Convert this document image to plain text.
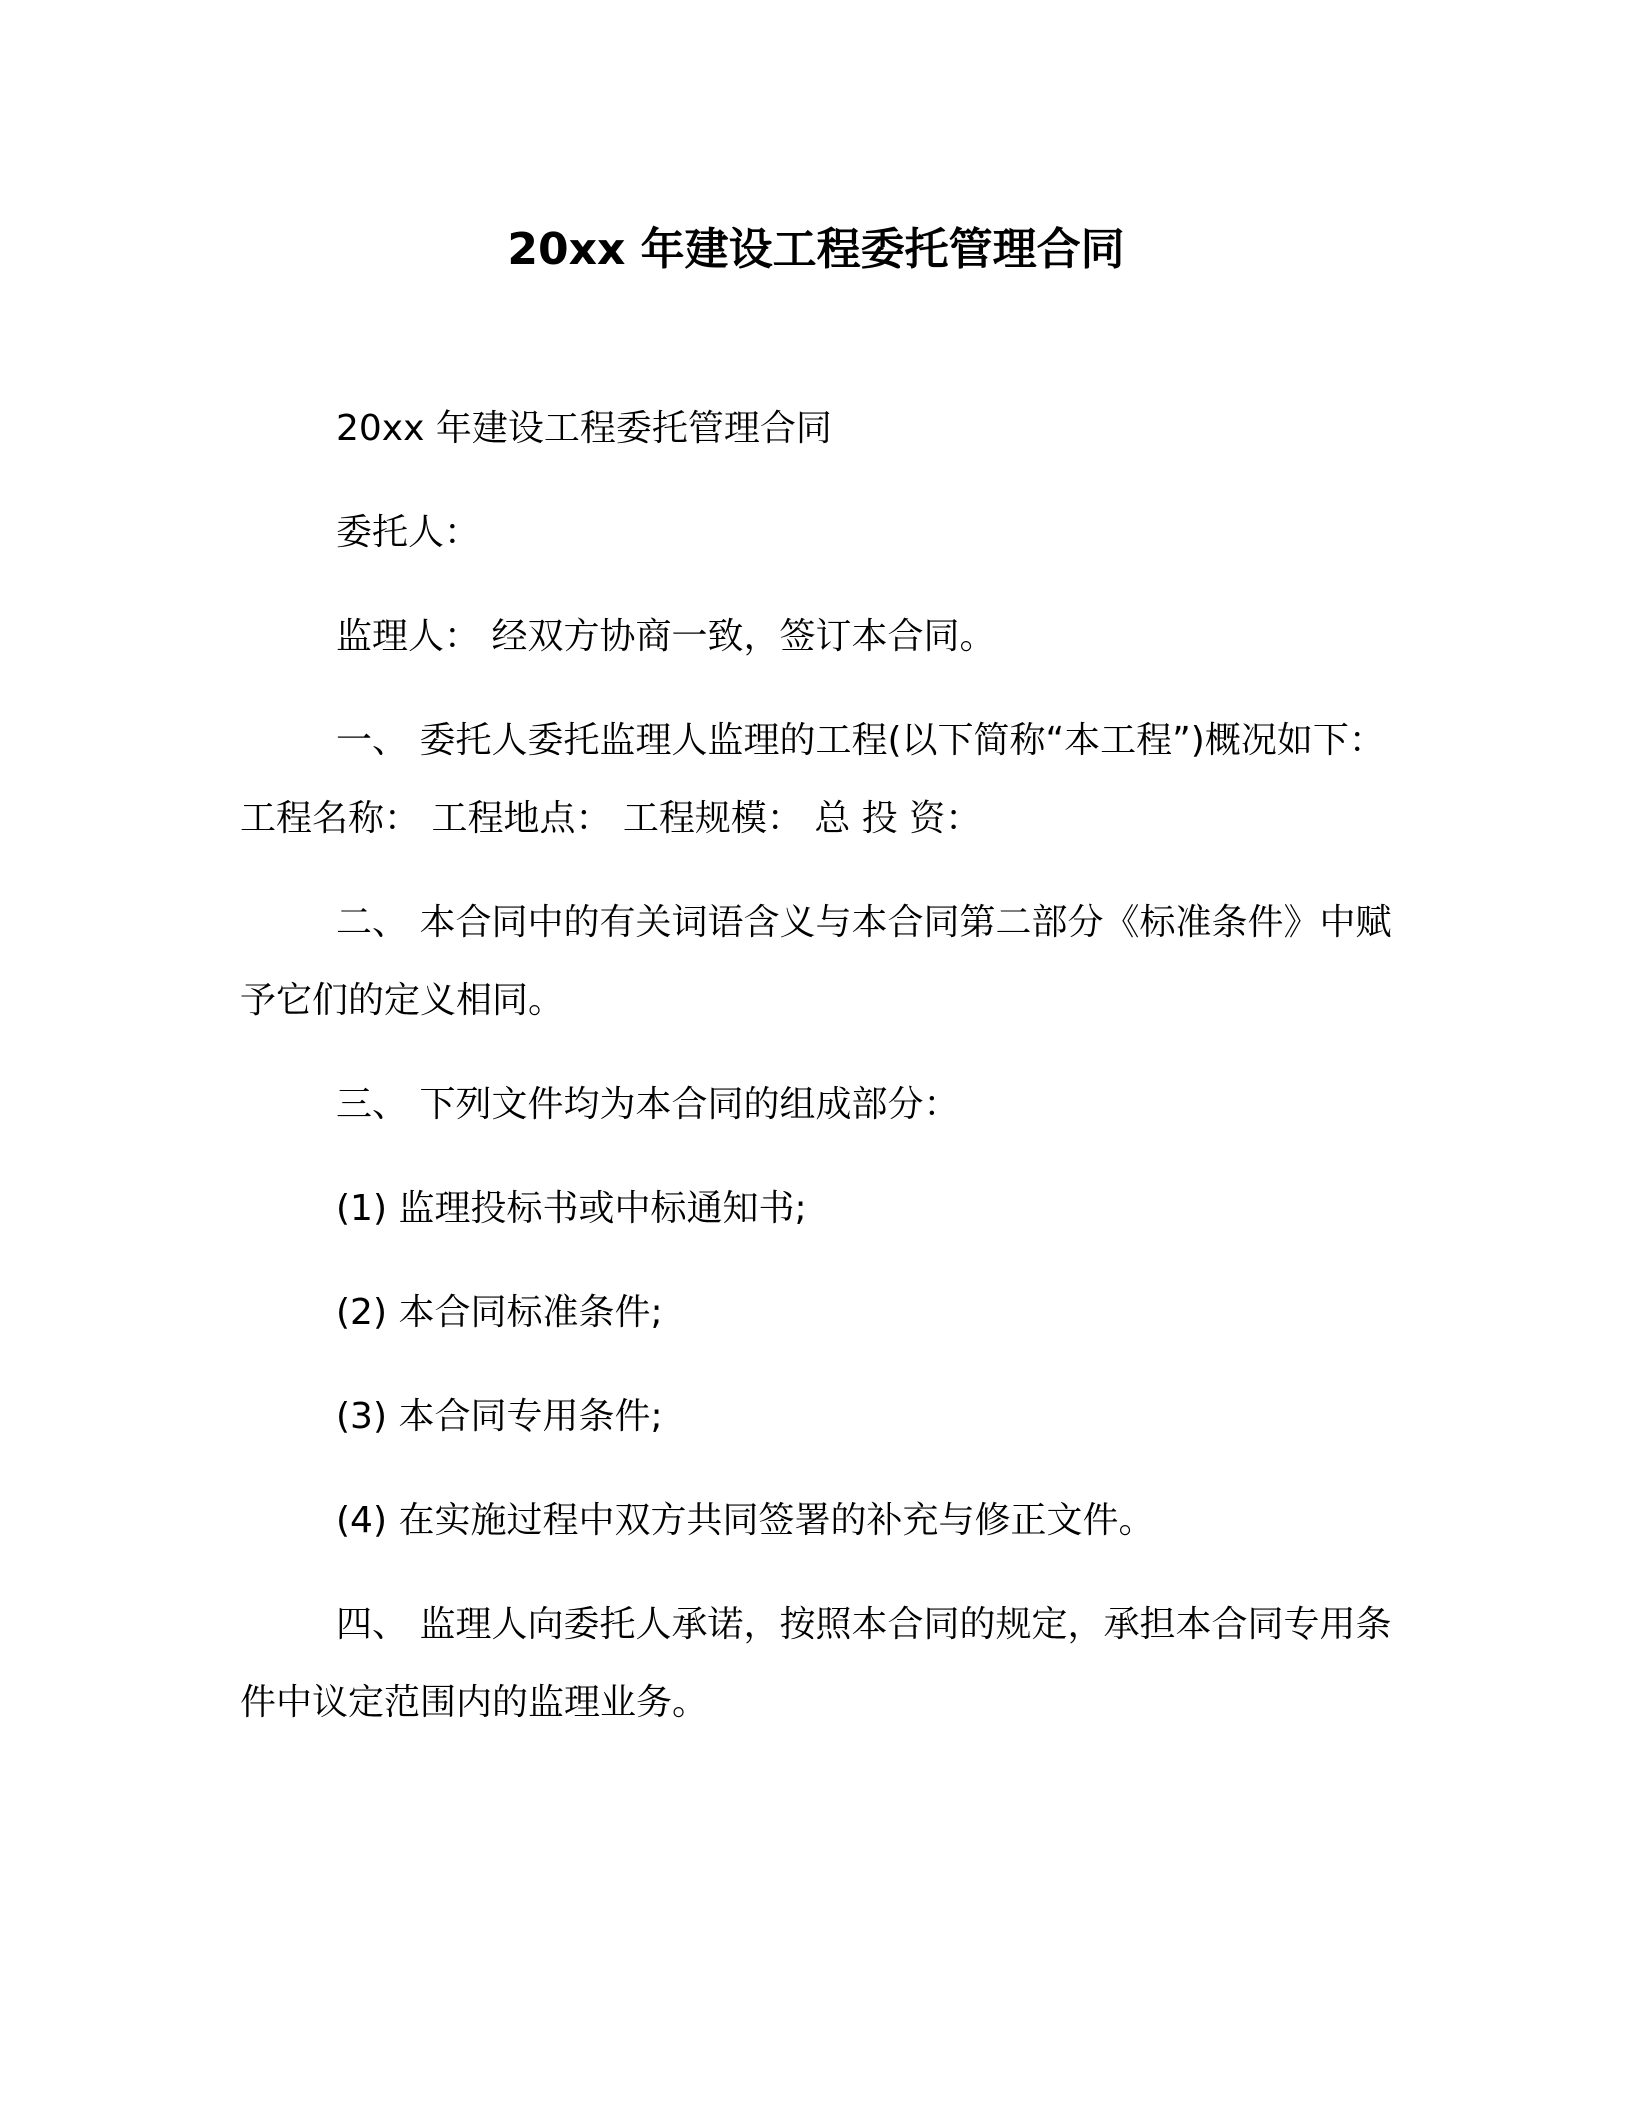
20xx 年建设工程委托管理合同

20xx 年建设工程委托管理合同

委托人：

监理人： 经双方协商一致，签订本合同。

一、 委托人委托监理人监理的工程(以下简称“本工程”)概况如下： 工程名称： 工程地点： 工程规模： 总 投 资：

二、 本合同中的有关词语含义与本合同第二部分《标准条件》中赋予它们的定义相同。

三、 下列文件均为本合同的组成部分：

(1) 监理投标书或中标通知书;

(2) 本合同标准条件;

(3) 本合同专用条件;

(4) 在实施过程中双方共同签署的补充与修正文件。

四、 监理人向委托人承诺，按照本合同的规定，承担本合同专用条件中议定范围内的监理业务。
